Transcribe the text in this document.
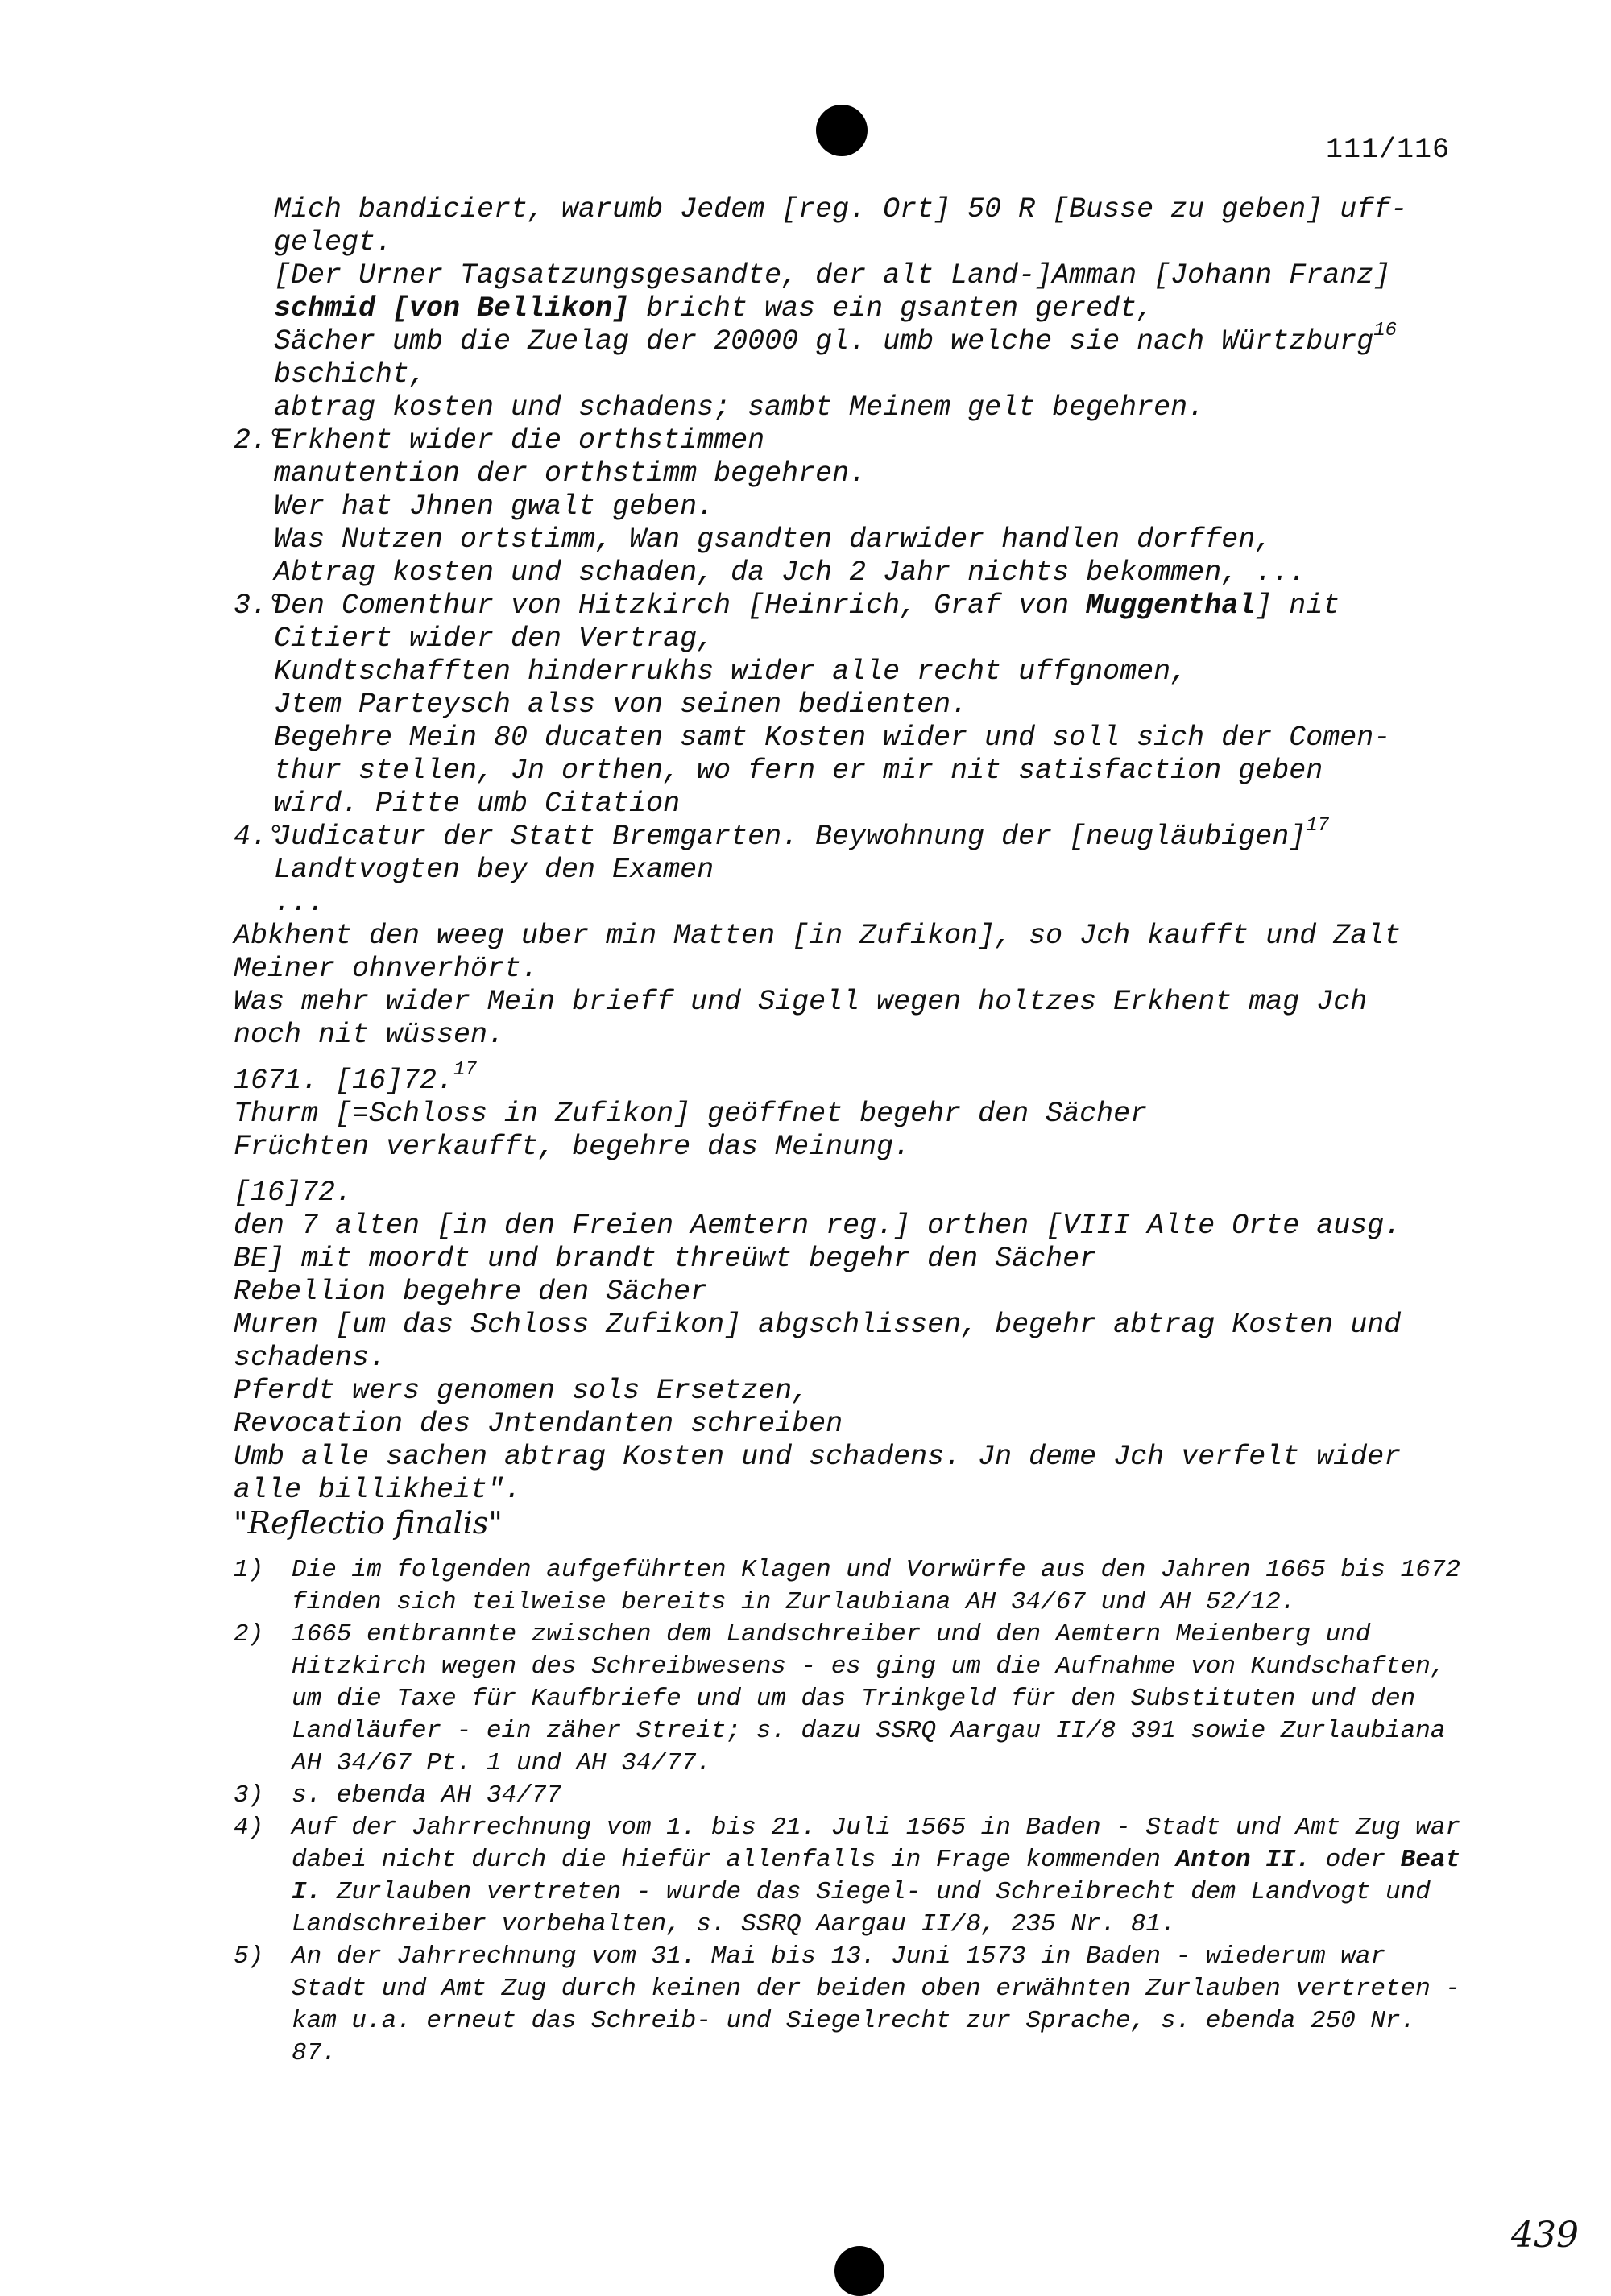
111/116
Mich bandiciert, warumb Jedem [reg. Ort] 50 R [Busse zu geben] uff-
gelegt.
[Der Urner Tagsatzungsgesandte, der alt Land-]Amman [Johann Franz]
schmid [von Bellikon] bricht was ein gsanten geredt,
Sächer umb die Zuelag der 20000 gl. umb welche sie nach Würtzburg$^{16}$
bschicht,
abtrag kosten und schadens; sambt Meinem gelt begehren.
2.°Erkhent wider die orthstimmen
manutention der orthstimm begehren.
Wer hat Jhnen gwalt geben.
Was Nutzen ortstimm, Wan gsandten darwider handlen dorffen,
Abtrag kosten und schaden, da Jch 2 Jahr nichts bekommen, ...
3.°Den Comenthur von Hitzkirch [Heinrich, Graf von Muggenthal] nit
Citiert wider den Vertrag,
Kundtschafften hinderrukhs wider alle recht uffgnomen,
Jtem Parteysch alss von seinen bedienten.
Begehre Mein 80 ducaten samt Kosten wider und soll sich der Comen-
thur stellen, Jn orthen, wo fern er mir nit satisfaction geben
wird. Pitte umb Citation
4.°Judicatur der Statt Bremgarten. Beywohnung der [neugläubigen]$^{17}$
Landtvogten bey den Examen
...
Abkhent den weeg uber min Matten [in Zufikon], so Jch kaufft und Zalt
Meiner ohnverhört.
Was mehr wider Mein brieff und Sigell wegen holtzes Erkhent mag Jch
noch nit wüssen.
1671. [16]72.17
Thurm [=Schloss in Zufikon] geöffnet begehr den Sächer
Früchten verkaufft, begehre das Meinung.
[16]72.
den 7 alten [in den Freien Aemtern reg.] orthen [VIII Alte Orte ausg.
BE] mit moordt und brandt threüwt begehr den Sächer
Rebellion begehre den Sächer
Muren [um das Schloss Zufikon] abgschlissen, begehr abtrag Kosten und
schadens.
Pferdt wers genomen sols Ersetzen,
Revocation des Jntendanten schreiben
Umb alle sachen abtrag Kosten und schadens. Jn deme Jch verfelt wider
alle billikheit".
"Reflectio finalis"
1)	Die im folgenden aufgeführten Klagen und Vorwürfe aus den Jahren 1665 bis 1672 finden sich teilweise bereits in Zurlaubiana AH 34/67 und AH 52/12.
2)	1665 entbrannte zwischen dem Landschreiber und den Aemtern Meienberg und Hitzkirch wegen des Schreibwesens - es ging um die Aufnahme von Kundschaften, um die Taxe für Kaufbriefe und um das Trinkgeld für den Substituten und den Landläufer - ein zäher Streit; s. dazu SSRQ Aargau II/8 391 sowie Zurlaubiana AH 34/67 Pt. 1 und AH 34/77.
3)	s. ebenda AH 34/77
4)	Auf der Jahrrechnung vom 1. bis 21. Juli 1565 in Baden - Stadt und Amt Zug war dabei nicht durch die hiefür allenfalls in Frage kommenden Anton II. oder Beat I. Zurlauben vertreten - wurde das Siegel- und Schreibrecht dem Landvogt und Landschreiber vorbehalten, s. SSRQ Aargau II/8, 235 Nr. 81.
5)	An der Jahrrechnung vom 31. Mai bis 13. Juni 1573 in Baden - wiederum war Stadt und Amt Zug durch keinen der beiden oben erwähnten Zurlauben vertreten - kam u.a. erneut das Schreib- und Siegelrecht zur Sprache, s. ebenda 250 Nr. 87.
439
